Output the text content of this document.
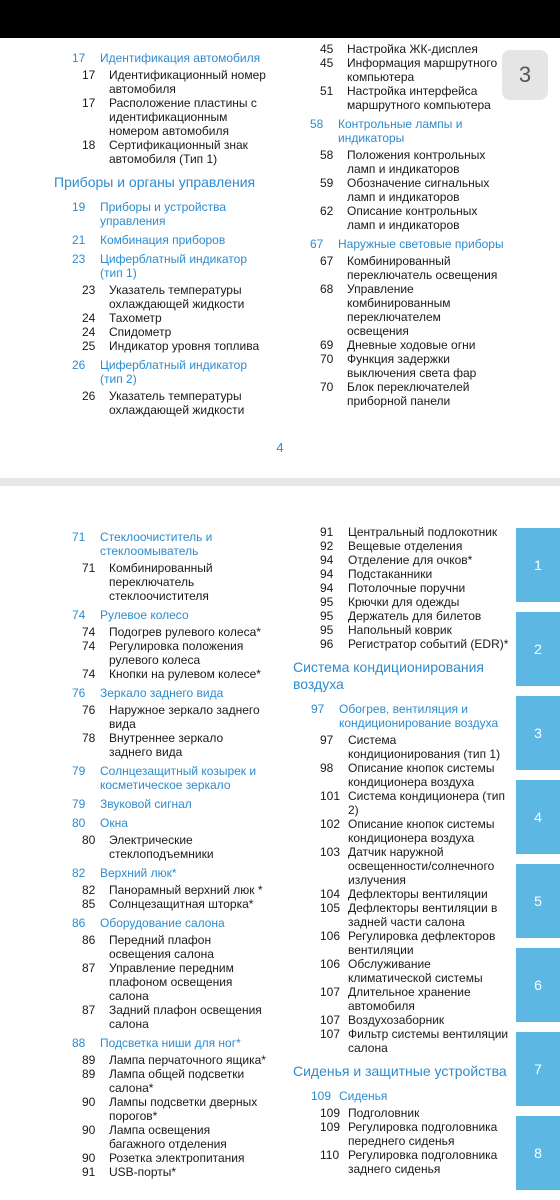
17	Идентификация автомобиля
17	Идентификационный номер автомобиля
17	Расположение пластины с идентификационным номером автомобиля
18	Сертификационный знак автомобиля (Тип 1)
Приборы и органы управления
19	Приборы и устройства управления
21	Комбинация приборов
23	Циферблатный индикатор (тип 1)
23	Указатель температуры охлаждающей жидкости
24	Тахометр
24	Спидометр
25	Индикатор уровня топлива
26	Циферблатный индикатор (тип 2)
26	Указатель температуры охлаждающей жидкости
45	Настройка ЖК-дисплея
45	Информация маршрутного компьютера
51	Настройка интерфейса маршрутного компьютера
58	Контрольные лампы и индикаторы
58	Положения контрольных ламп и индикаторов
59	Обозначение сигнальных ламп и индикаторов
62	Описание контрольных ламп и индикаторов
67	Наружные световые приборы
67	Комбинированный переключатель освещения
68	Управление комбинированным переключателем освещения
69	Дневные ходовые огни
70	Функция задержки выключения света фар
70	Блок переключателей приборной панели
4
3
71	Стеклоочиститель и стеклоомыватель
71	Комбинированный переключатель стеклоочистителя
74	Рулевое колесо
74	Подогрев рулевого колеса*
74	Регулировка положения рулевого колеса
74	Кнопки на рулевом колесе*
76	Зеркало заднего вида
76	Наружное зеркало заднего вида
78	Внутреннее зеркало заднего вида
79	Солнцезащитный козырек и косметическое зеркало
79	Звуковой сигнал
80	Окна
80	Электрические стеклоподъемники
82	Верхний люк*
82	Панорамный верхний люк *
85	Солнцезащитная шторка*
86	Оборудование салона
86	Передний плафон освещения салона
87	Управление передним плафоном освещения салона
87	Задний плафон освещения салона
88	Подсветка ниши для ног*
89	Лампа перчаточного ящика*
89	Лампа общей подсветки салона*
90	Лампы подсветки дверных порогов*
90	Лампа освещения багажного отделения
90	Розетка электропитания
91	USB-порты*
91	Центральный подлокотник
92	Вещевые отделения
94	Отделение для очков*
94	Подстаканники
94	Потолочные поручни
95	Крючки для одежды
95	Держатель для билетов
95	Напольный коврик
96	Регистратор событий (EDR)*
Система кондиционирования воздуха
97	Обогрев, вентиляция и кондиционирование воздуха
97	Система кондиционирования (тип 1)
98	Описание кнопок системы кондиционера воздуха
101 Система кондиционера (тип 2)
102 Описание кнопок системы кондиционера воздуха
103 Датчик наружной освещенности/солнечного излучения
104 Дефлекторы вентиляции
105 Дефлекторы вентиляции в задней части салона
106 Регулировка дефлекторов вентиляции
106 Обслуживание климатической системы
107 Длительное хранение автомобиля
107 Воздухозаборник
107 Фильтр системы вентиляции салона
Сиденья и защитные устройства
109 Сиденья
109 Подголовник
109 Регулировка подголовника переднего сиденья
110 Регулировка подголовника заднего сиденья
1
2
3
4
5
6
7
8
